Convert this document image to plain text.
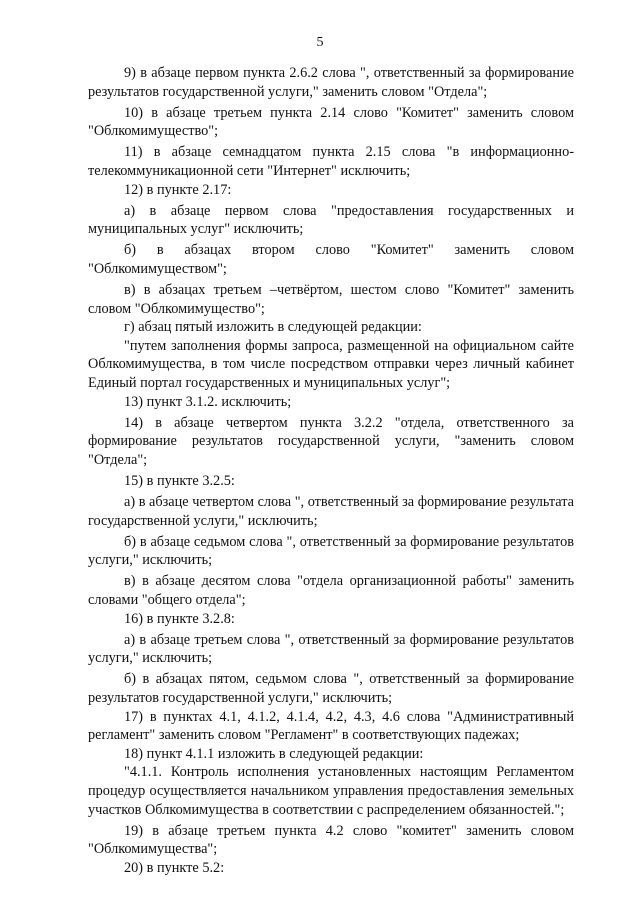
5

9) в абзаце первом пункта 2.6.2 слова ", ответственный за формирование результатов государственной услуги," заменить словом "Отдела";

10) в абзаце третьем пункта 2.14 слово "Комитет" заменить словом "Облкомимущество";

11) в абзаце семнадцатом пункта 2.15 слова "в информационно-телекоммуникационной сети "Интернет" исключить;

12) в пункте 2.17:

а) в абзаце первом слова "предоставления государственных и муниципальных услуг" исключить;

б) в абзацах втором слово "Комитет" заменить словом "Облкомимуществом";

в) в абзацах третьем –четвёртом, шестом слово "Комитет" заменить словом "Облкомимущество";

г) абзац пятый изложить в следующей редакции:

"путем заполнения формы запроса, размещенной на официальном сайте Облкомимущества, в том числе посредством отправки через личный кабинет Единый портал государственных и муниципальных услуг";

13) пункт 3.1.2. исключить;

14) в абзаце четвертом пункта 3.2.2 "отдела, ответственного за формирование результатов государственной услуги, "заменить словом "Отдела";

15) в пункте 3.2.5:

а) в абзаце четвертом слова ", ответственный за формирование результата государственной услуги," исключить;

б) в абзаце седьмом слова ", ответственный за формирование результатов услуги," исключить;

в) в абзаце десятом слова "отдела организационной работы" заменить словами "общего отдела";

16) в пункте 3.2.8:

а) в абзаце третьем слова ", ответственный за формирование результатов услуги," исключить;

б) в абзацах пятом, седьмом слова ", ответственный за формирование результатов государственной услуги," исключить;

17) в пунктах 4.1, 4.1.2, 4.1.4, 4.2, 4.3, 4.6 слова "Административный регламент" заменить словом "Регламент" в соответствующих падежах;

18) пункт 4.1.1 изложить в следующей редакции:

"4.1.1. Контроль исполнения установленных настоящим Регламентом процедур осуществляется начальником управления предоставления земельных участков Облкомимущества в соответствии с распределением обязанностей.";

19) в абзаце третьем пункта 4.2 слово "комитет" заменить словом "Облкомимущества";

20) в пункте 5.2:
